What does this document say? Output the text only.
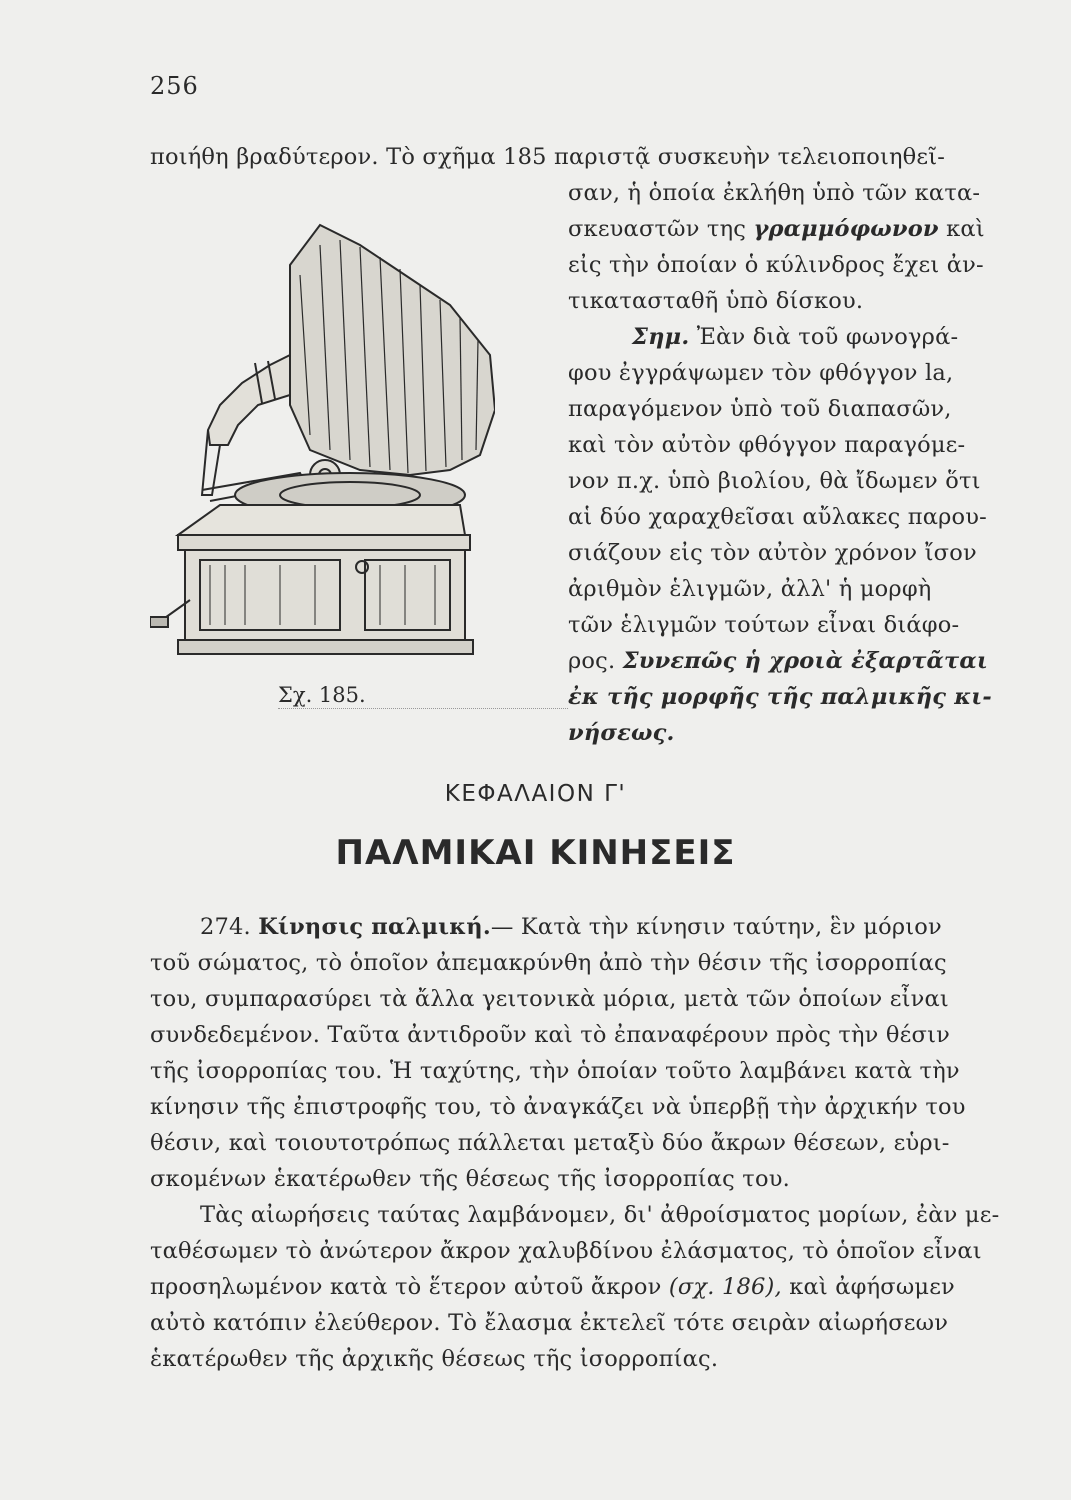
256
ποιήθη βραδύτερον. Τὸ σχῆμα 185 παριστᾷ συσκευὴν τελειοποιηθεῖ-
σαν, ἡ ὁποία ἐκλήθη ὑπὸ τῶν κατα-
σκευαστῶν της γραμμόφωνον καὶ
εἰς τὴν ὁποίαν ὁ κύλινδρος ἔχει ἀν-
τικατασταθῆ ὑπὸ δίσκου.
Σημ. Ἐὰν διὰ τοῦ φωνογρά-
φου ἐγγράψωμεν τὸν φθόγγον la,
παραγόμενον ὑπὸ τοῦ διαπασῶν,
καὶ τὸν αὐτὸν φθόγγον παραγόμε-
νον π.χ. ὑπὸ βιολίου, θὰ ἴδωμεν ὅτι
αἱ δύο χαραχθεῖσαι αὔλακες παρου-
σιάζουν εἰς τὸν αὐτὸν χρόνον ἴσον
ἀριθμὸν ἑλιγμῶν, ἀλλ' ἡ μορφὴ
τῶν ἑλιγμῶν τούτων εἶναι διάφο-
ρος. Συνεπῶς ἡ χροιὰ ἐξαρτᾶται
ἐκ τῆς μορφῆς τῆς παλμικῆς κι-
νήσεως.
Σχ. 185.
ΚΕΦΑΛΑΙΟΝ Γ'
ΠΑΛΜΙΚΑΙ ΚΙΝΗΣΕΙΣ
274. Κίνησις παλμική.— Κατὰ τὴν κίνησιν ταύτην, ἓν μόριον
τοῦ σώματος, τὸ ὁποῖον ἀπεμακρύνθη ἀπὸ τὴν θέσιν τῆς ἰσορροπίας
του, συμπαρασύρει τὰ ἄλλα γειτονικὰ μόρια, μετὰ τῶν ὁποίων εἶναι
συνδεδεμένον. Ταῦτα ἀντιδροῦν καὶ τὸ ἐπαναφέρουν πρὸς τὴν θέσιν
τῆς ἰσορροπίας του. Ἡ ταχύτης, τὴν ὁποίαν τοῦτο λαμβάνει κατὰ τὴν
κίνησιν τῆς ἐπιστροφῆς του, τὸ ἀναγκάζει νὰ ὑπερβῇ τὴν ἀρχικήν του
θέσιν, καὶ τοιουτοτρόπως πάλλεται μεταξὺ δύο ἄκρων θέσεων, εὑρι-
σκομένων ἑκατέρωθεν τῆς θέσεως τῆς ἰσορροπίας του.
Τὰς αἰωρήσεις ταύτας λαμβάνομεν, δι' ἀθροίσματος μορίων, ἐὰν με-
ταθέσωμεν τὸ ἀνώτερον ἄκρον χαλυβδίνου ἐλάσματος, τὸ ὁποῖον εἶναι
προσηλωμένον κατὰ τὸ ἕτερον αὐτοῦ ἄκρον (σχ. 186), καὶ ἀφήσωμεν
αὐτὸ κατόπιν ἐλεύθερον. Τὸ ἔλασμα ἐκτελεῖ τότε σειρὰν αἰωρήσεων
ἑκατέρωθεν τῆς ἀρχικῆς θέσεως τῆς ἰσορροπίας.
